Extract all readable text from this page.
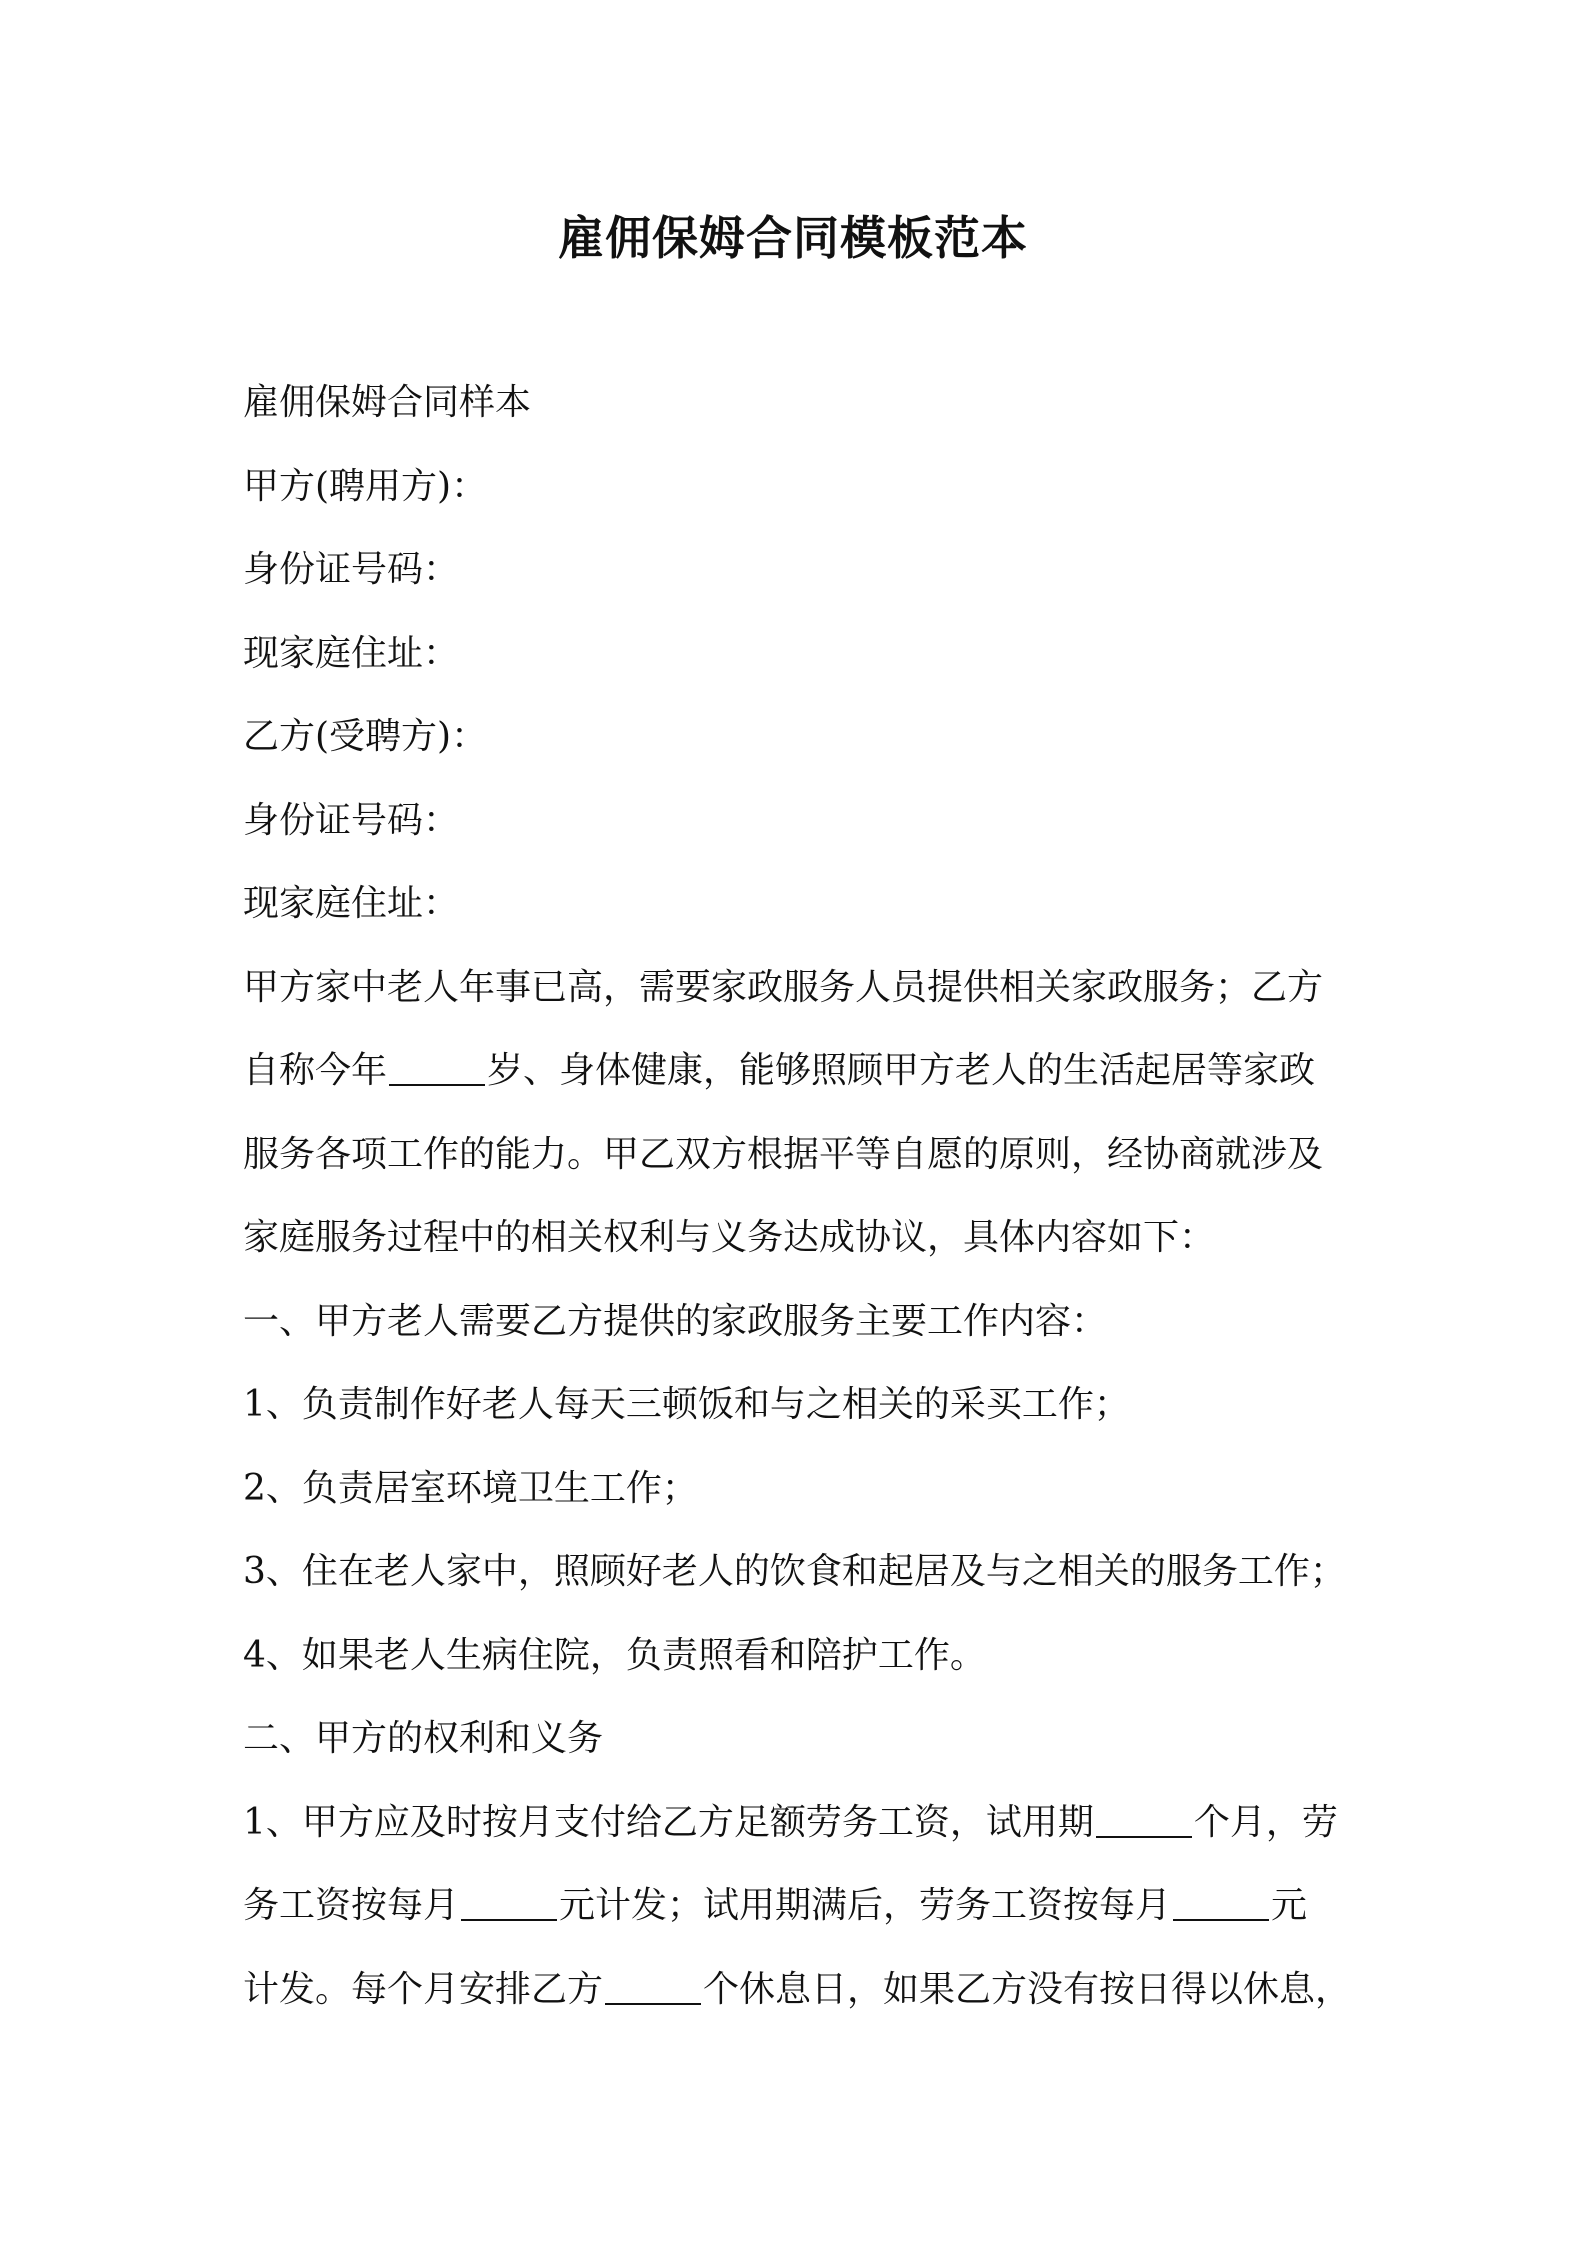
雇佣保姆合同模板范本

雇佣保姆合同样本

甲方(聘用方)：

身份证号码：

现家庭住址：

乙方(受聘方)：

身份证号码：

现家庭住址：

甲方家中老人年事已高，需要家政服务人员提供相关家政服务；乙方

自称今年	岁、身体健康，能够照顾甲方老人的生活起居等家政

服务各项工作的能力。甲乙双方根据平等自愿的原则，经协商就涉及

家庭服务过程中的相关权利与义务达成协议，具体内容如下：

一、甲方老人需要乙方提供的家政服务主要工作内容：

1、负责制作好老人每天三顿饭和与之相关的采买工作；

2、负责居室环境卫生工作；

3、住在老人家中，照顾好老人的饮食和起居及与之相关的服务工作；

4、如果老人生病住院，负责照看和陪护工作。

二、甲方的权利和义务

1、甲方应及时按月支付给乙方足额劳务工资，试用期	个月，劳

务工资按每月	元计发；试用期满后，劳务工资按每月	元

计发。每个月安排乙方	个休息日，如果乙方没有按日得以休息，
